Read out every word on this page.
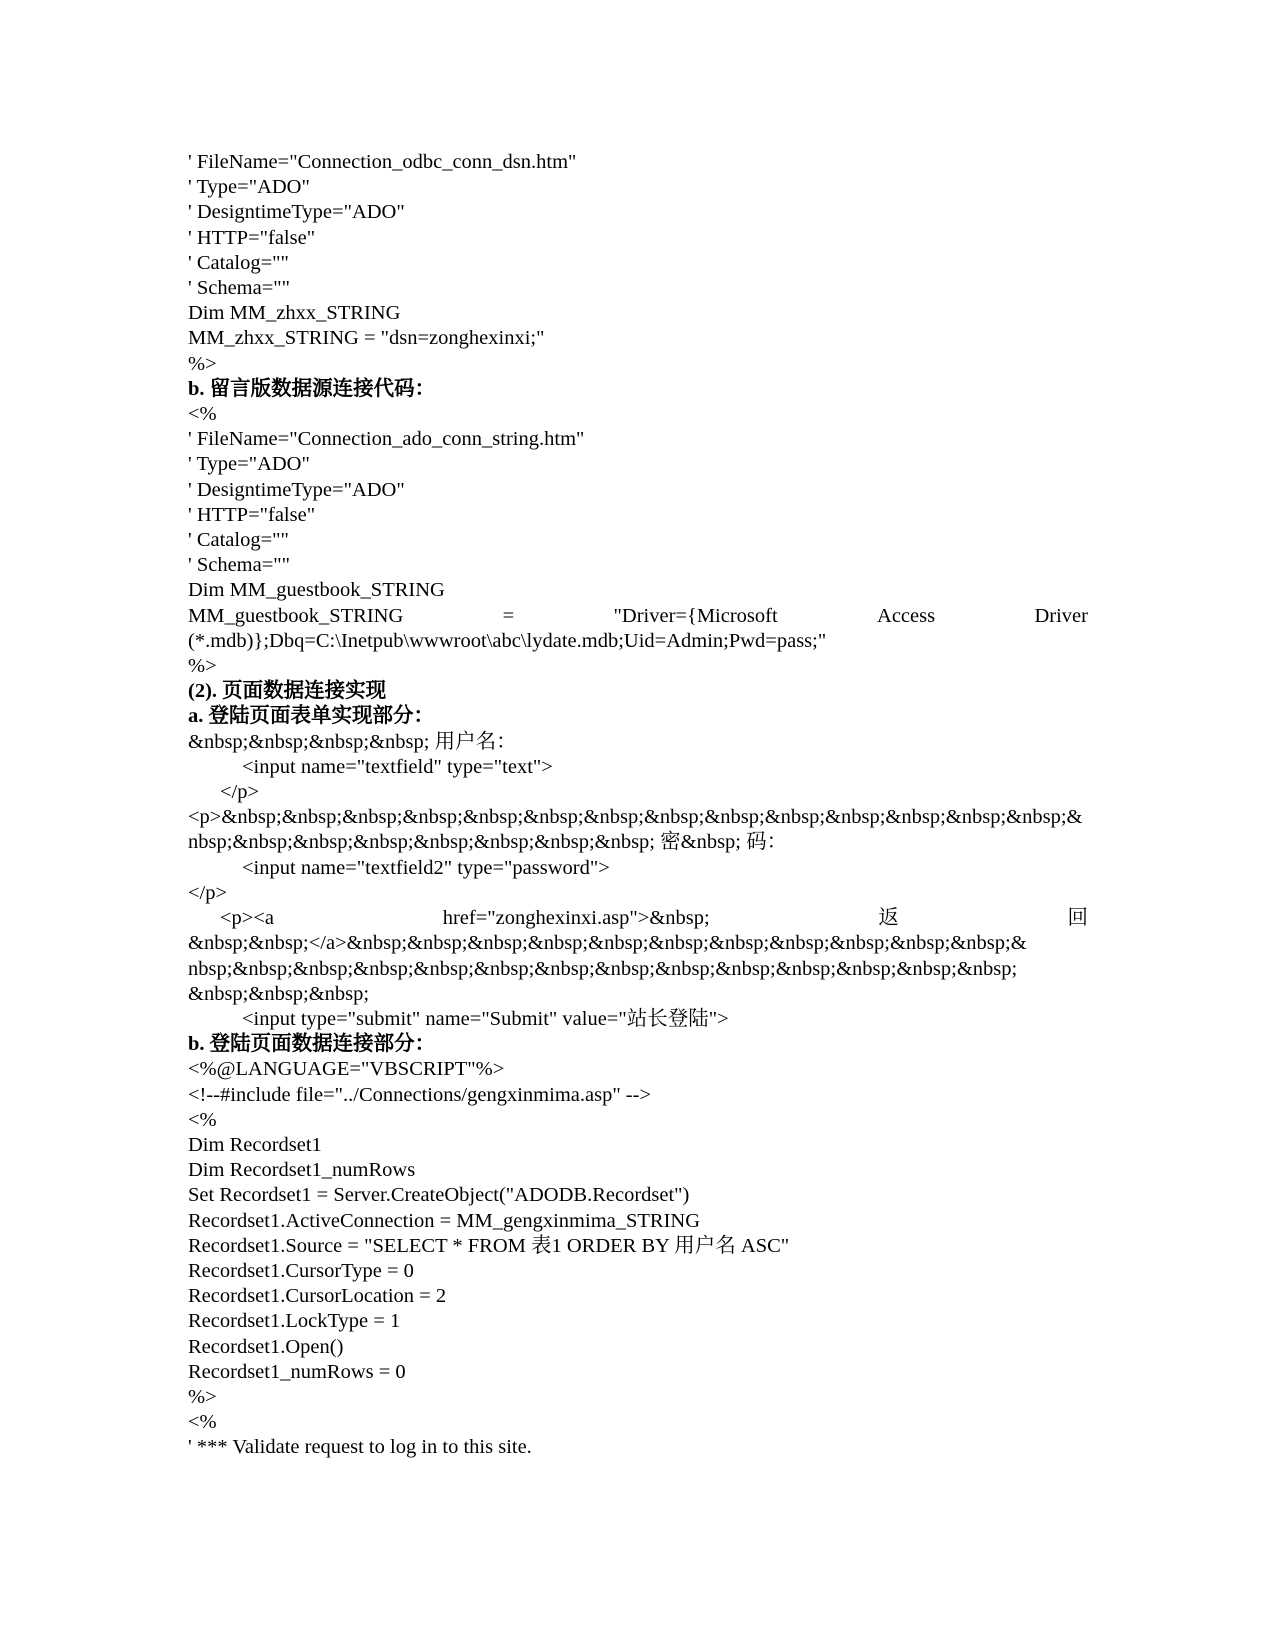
' FileName="Connection_odbc_conn_dsn.htm"
' Type="ADO"
' DesigntimeType="ADO"
' HTTP="false"
' Catalog=""
' Schema=""
Dim MM_zhxx_STRING
MM_zhxx_STRING = "dsn=zonghexinxi;"
%>
b. 留言版数据源连接代码：
<%
' FileName="Connection_ado_conn_string.htm"
' Type="ADO"
' DesigntimeType="ADO"
' HTTP="false"
' Catalog=""
' Schema=""
Dim MM_guestbook_STRING
MM_guestbook_STRING	=	"Driver={Microsoft	Access	Driver
(*.mdb)};Dbq=C:\Inetpub\wwwroot\abc\lydate.mdb;Uid=Admin;Pwd=pass;"
%>
(2). 页面数据连接实现
a. 登陆页面表单实现部分：
&nbsp;&nbsp;&nbsp;&nbsp; 用户名：
<input name="textfield" type="text">
</p>
<p>&nbsp;&nbsp;&nbsp;&nbsp;&nbsp;&nbsp;&nbsp;&nbsp;&nbsp;&nbsp;&nbsp;&nbsp;&nbsp;&nbsp;&
nbsp;&nbsp;&nbsp;&nbsp;&nbsp;&nbsp;&nbsp;&nbsp; 密&nbsp; 码：
<input name="textfield2" type="password">
</p>
<p><a	href="zonghexinxi.asp">&nbsp;	返	回
&nbsp;&nbsp;</a>&nbsp;&nbsp;&nbsp;&nbsp;&nbsp;&nbsp;&nbsp;&nbsp;&nbsp;&nbsp;&nbsp;&
nbsp;&nbsp;&nbsp;&nbsp;&nbsp;&nbsp;&nbsp;&nbsp;&nbsp;&nbsp;&nbsp;&nbsp;&nbsp;&nbsp;
&nbsp;&nbsp;&nbsp;
<input type="submit" name="Submit" value="站长登陆">
b. 登陆页面数据连接部分：
<%@LANGUAGE="VBSCRIPT"%>
<!--#include file="../Connections/gengxinmima.asp" -->
<%
Dim Recordset1
Dim Recordset1_numRows
Set Recordset1 = Server.CreateObject("ADODB.Recordset")
Recordset1.ActiveConnection = MM_gengxinmima_STRING
Recordset1.Source = "SELECT * FROM 表1 ORDER BY 用户名 ASC"
Recordset1.CursorType = 0
Recordset1.CursorLocation = 2
Recordset1.LockType = 1
Recordset1.Open()
Recordset1_numRows = 0
%>
<%
' *** Validate request to log in to this site.
